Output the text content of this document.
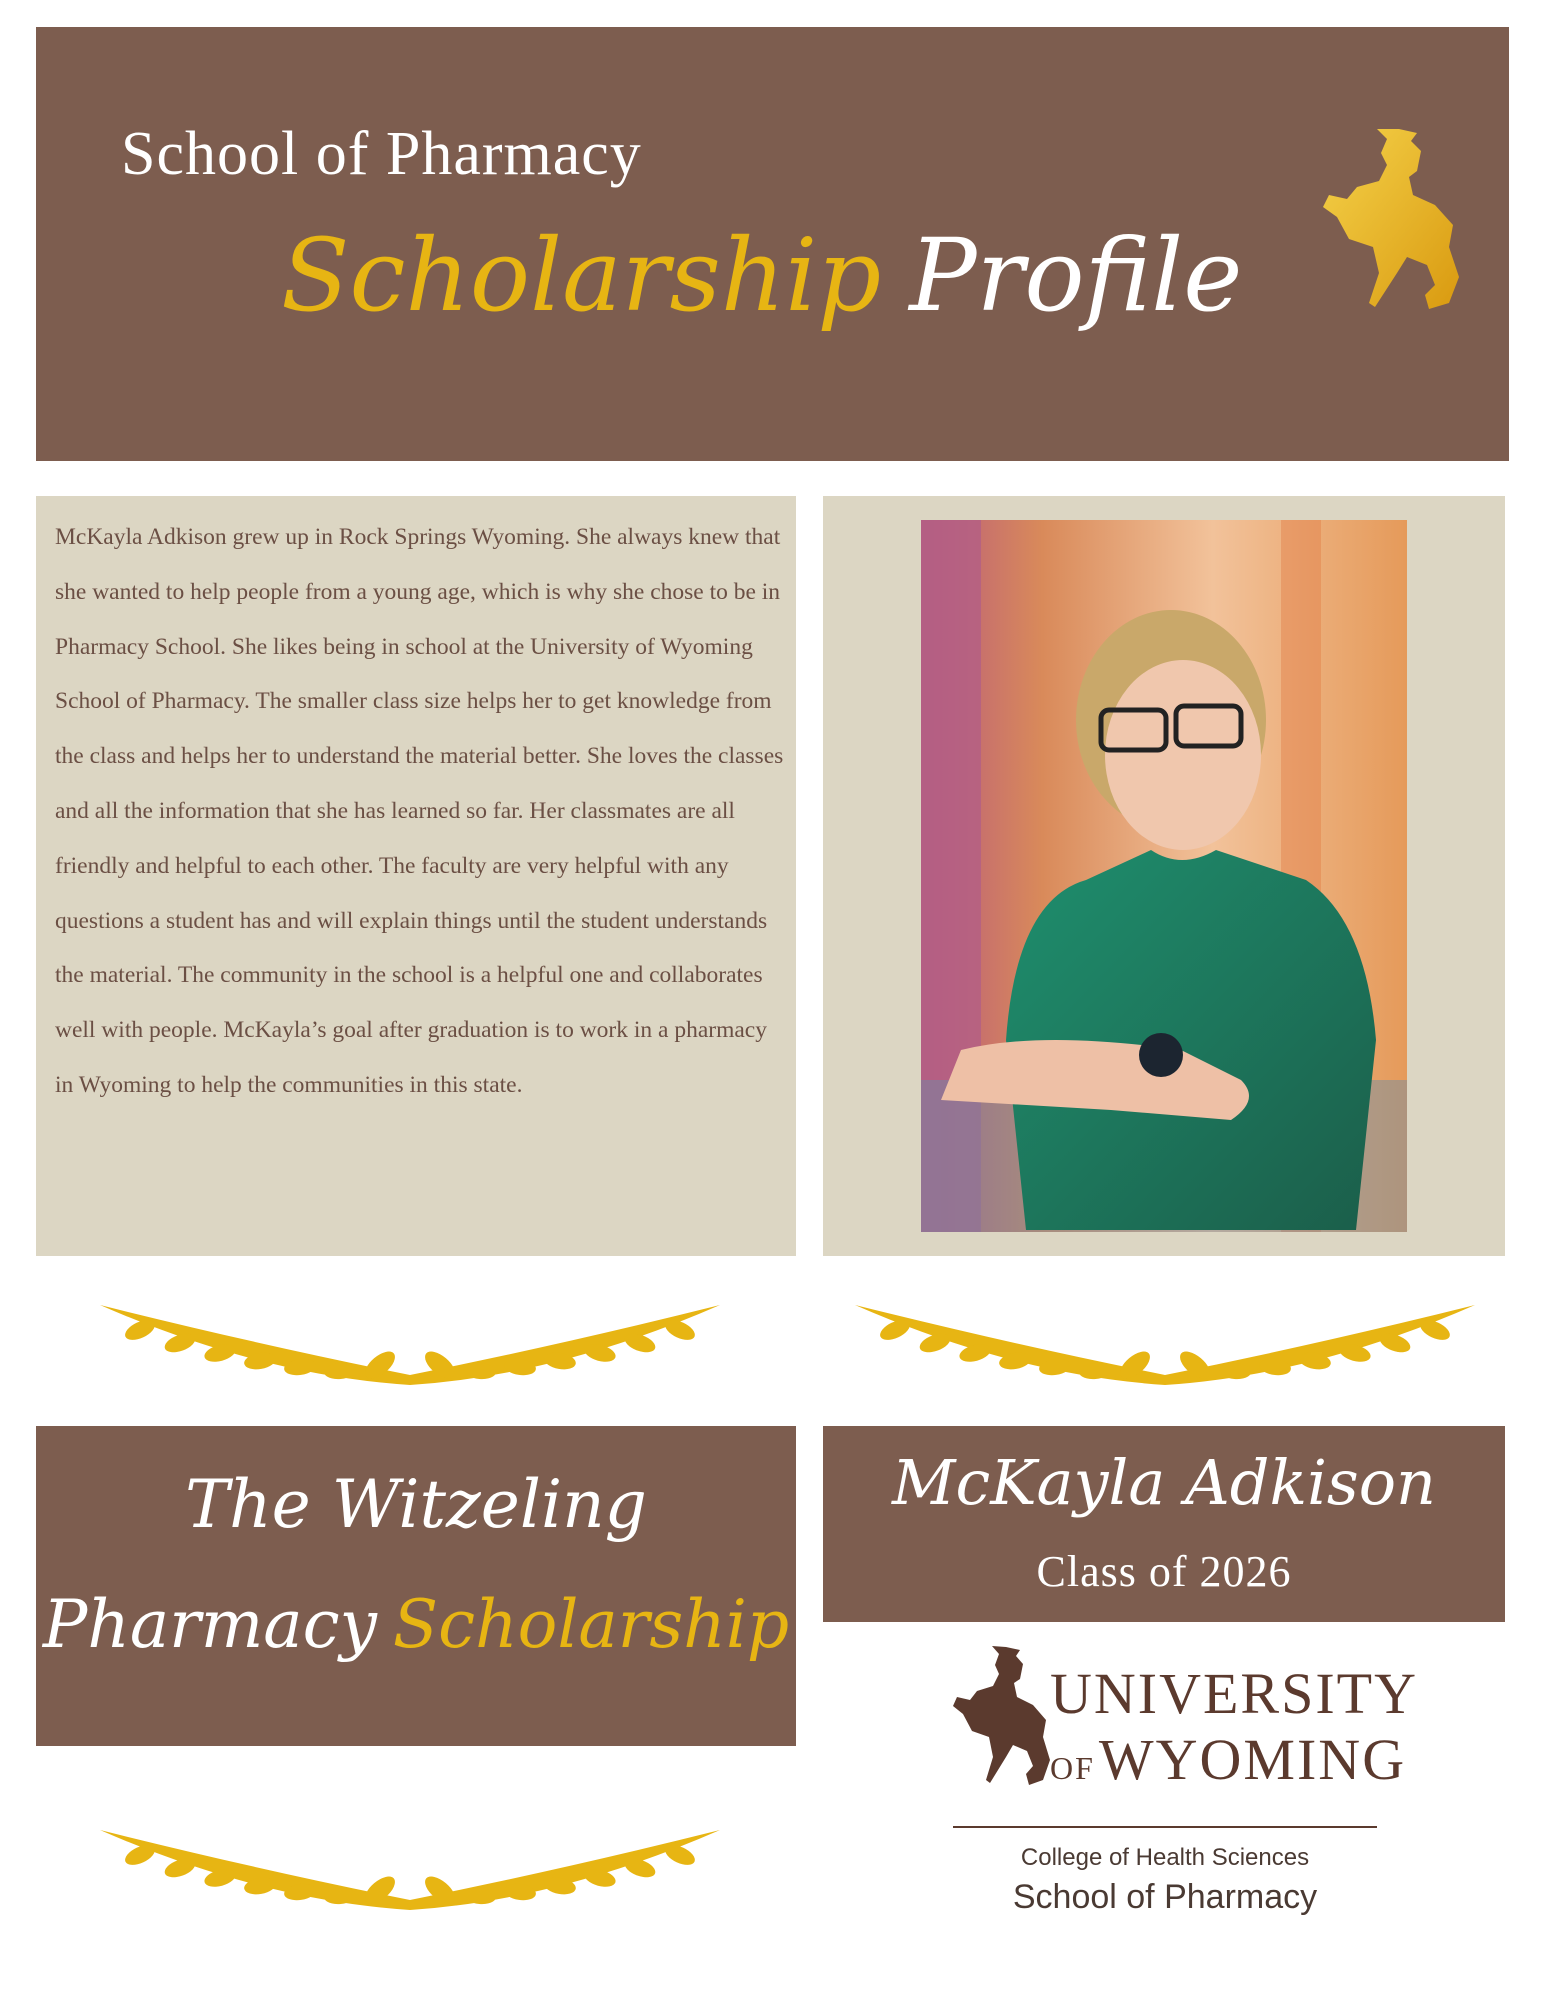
School of Pharmacy
Scholarship Profile
McKayla Adkison grew up in Rock Springs Wyoming. She always knew that she wanted to help people from a young age, which is why she chose to be in Pharmacy School. She likes being in school at the University of Wyoming School of Pharmacy. The smaller class size helps her to get knowledge from the class and helps her to understand the material better. She loves the classes and all the information that she has learned so far. Her classmates are all friendly and helpful to each other. The faculty are very helpful with any questions a student has and will explain things until the student understands the material. The community in the school is a helpful one and collaborates well with people. McKayla’s goal after graduation is to work in a pharmacy in Wyoming to help the communities in this state.
The Witzeling
Pharmacy Scholarship
McKayla Adkison
Class of 2026
UNIVERSITY
OFWYOMING
College of Health Sciences
School of Pharmacy
